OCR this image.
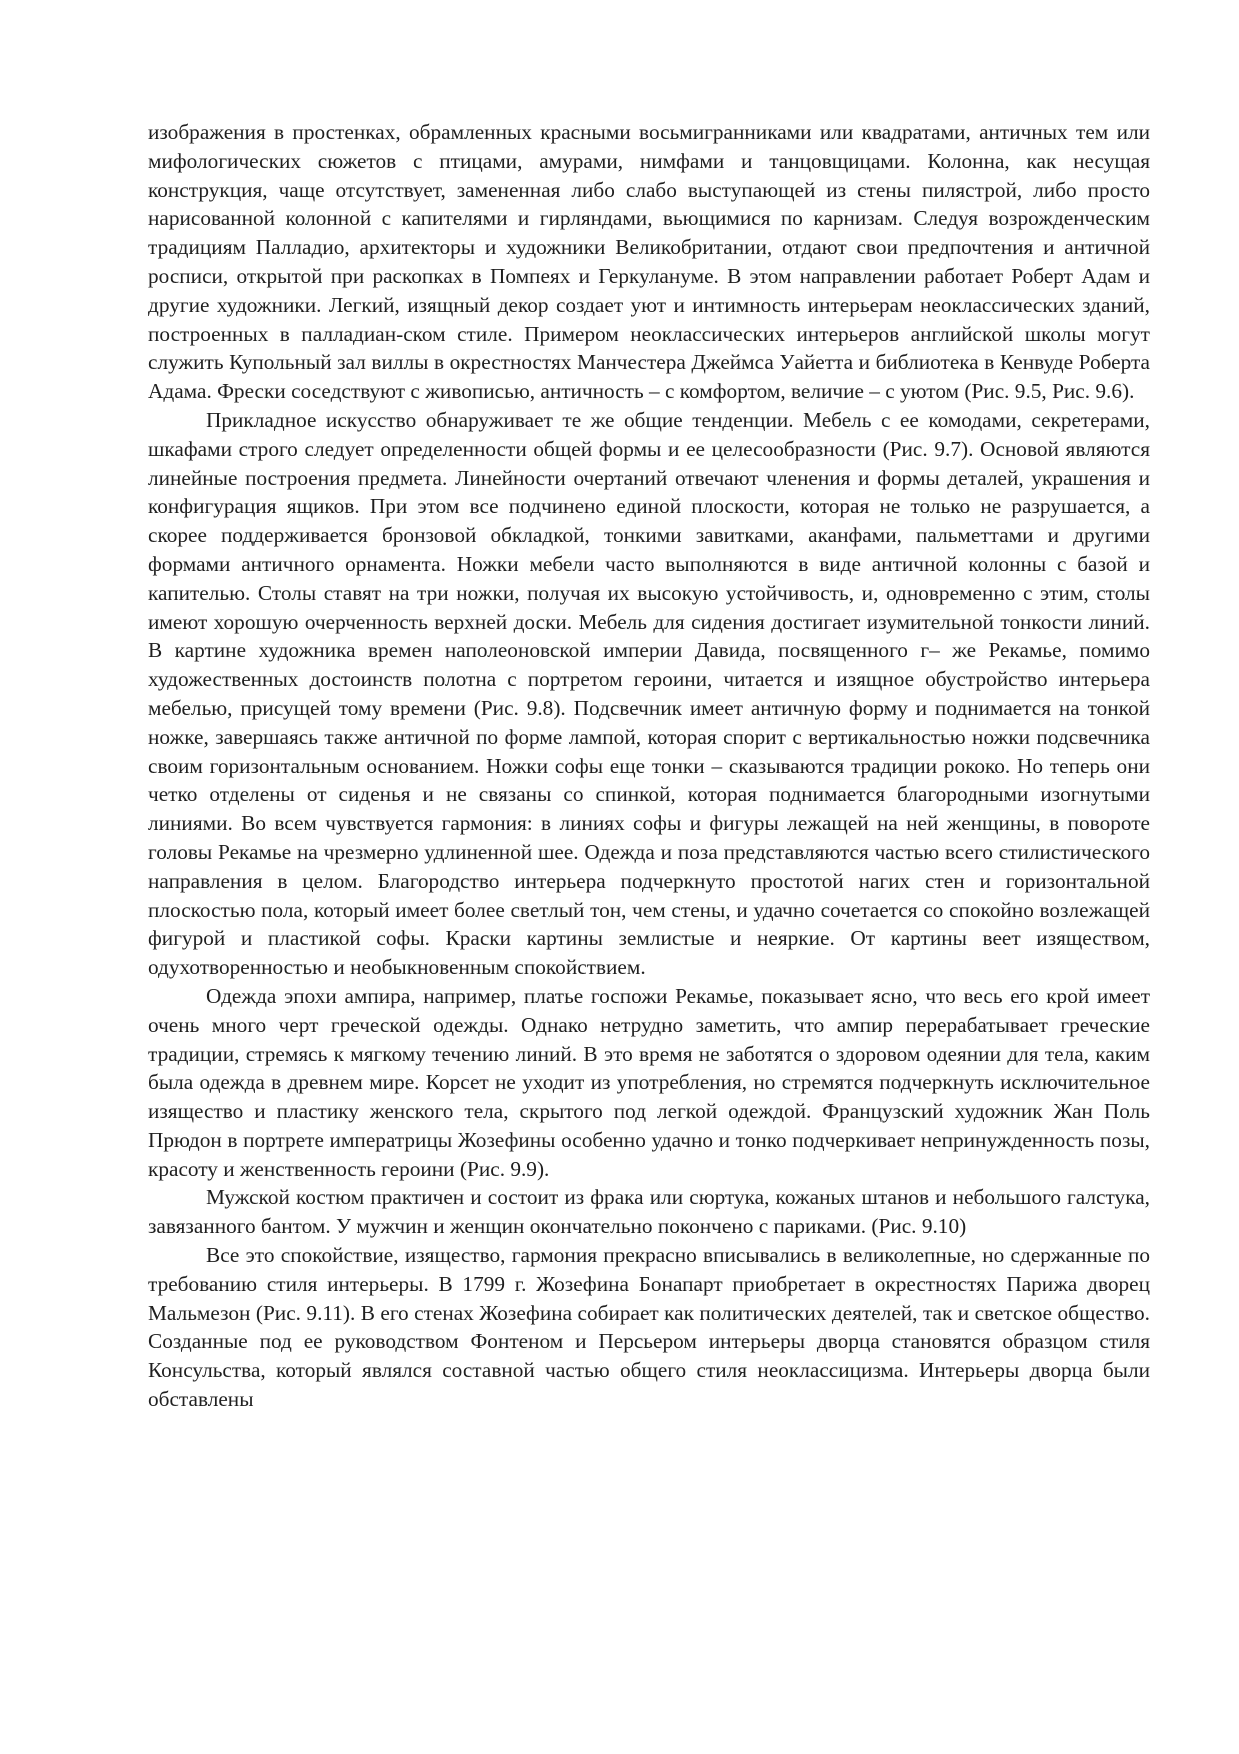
изображения в простенках, обрамленных красными восьмигранниками или квадратами, античных тем или мифологических сюжетов с птицами, амурами, нимфами и танцовщицами. Колонна, как несущая конструкция, чаще отсутствует, замененная либо слабо выступающей из стены пилястрой, либо просто нарисованной колонной с капителями и гирляндами, вьющимися по карнизам. Следуя возрожденческим традициям Палладио, архитекторы и художники Великобритании, отдают свои предпочтения и античной росписи, открытой при раскопках в Помпеях и Геркулануме. В этом направлении работает Роберт Адам и другие художники. Легкий, изящный декор создает уют и интимность интерьерам неоклассических зданий, построенных в палладиан-ском стиле. Примером неоклассических интерьеров английской школы могут служить Купольный зал виллы в окрестностях Манчестера Джеймса Уайетта и библиотека в Кенвуде Роберта Адама. Фрески соседствуют с живописью, античность – с комфортом, величие – с уютом (Рис. 9.5, Рис. 9.6).

Прикладное искусство обнаруживает те же общие тенденции. Мебель с ее комодами, секретерами, шкафами строго следует определенности общей формы и ее целесообразности (Рис. 9.7). Основой являются линейные построения предмета. Линейности очертаний отвечают членения и формы деталей, украшения и конфигурация ящиков. При этом все подчинено единой плоскости, которая не только не разрушается, а скорее поддерживается бронзовой обкладкой, тонкими завитками, аканфами, пальметтами и другими формами античного орнамента. Ножки мебели часто выполняются в виде античной колонны с базой и капителью. Столы ставят на три ножки, получая их высокую устойчивость, и, одновременно с этим, столы имеют хорошую очерченность верхней доски. Мебель для сидения достигает изумительной тонкости линий. В картине художника времен наполеоновской империи Давида, посвященного г– же Рекамье, помимо художественных достоинств полотна с портретом героини, читается и изящное обустройство интерьера мебелью, присущей тому времени (Рис. 9.8). Подсвечник имеет античную форму и поднимается на тонкой ножке, завершаясь также античной по форме лампой, которая спорит с вертикальностью ножки подсвечника своим горизонтальным основанием. Ножки софы еще тонки – сказываются традиции рококо. Но теперь они четко отделены от сиденья и не связаны со спинкой, которая поднимается благородными изогнутыми линиями. Во всем чувствуется гармония: в линиях софы и фигуры лежащей на ней женщины, в повороте головы Рекамье на чрезмерно удлиненной шее. Одежда и поза представляются частью всего стилистического направления в целом. Благородство интерьера подчеркнуто простотой нагих стен и горизонтальной плоскостью пола, который имеет более светлый тон, чем стены, и удачно сочетается со спокойно возлежащей фигурой и пластикой софы. Краски картины землистые и неяркие. От картины веет изяществом, одухотворенностью и необыкновенным спокойствием.

Одежда эпохи ампира, например, платье госпожи Рекамье, показывает ясно, что весь его крой имеет очень много черт греческой одежды. Однако нетрудно заметить, что ампир перерабатывает греческие традиции, стремясь к мягкому течению линий. В это время не заботятся о здоровом одеянии для тела, каким была одежда в древнем мире. Корсет не уходит из употребления, но стремятся подчеркнуть исключительное изящество и пластику женского тела, скрытого под легкой одеждой. Французский художник Жан Поль Прюдон в портрете императрицы Жозефины особенно удачно и тонко подчеркивает непринужденность позы, красоту и женственность героини (Рис. 9.9).

Мужской костюм практичен и состоит из фрака или сюртука, кожаных штанов и небольшого галстука, завязанного бантом. У мужчин и женщин окончательно покончено с париками. (Рис. 9.10)

Все это спокойствие, изящество, гармония прекрасно вписывались в великолепные, но сдержанные по требованию стиля интерьеры. В 1799 г. Жозефина Бонапарт приобретает в окрестностях Парижа дворец Мальмезон (Рис. 9.11). В его стенах Жозефина собирает как политических деятелей, так и светское общество. Созданные под ее руководством Фонтеном и Персьером интерьеры дворца становятся образцом стиля Консульства, который являлся составной частью общего стиля неоклассицизма. Интерьеры дворца были обставлены
